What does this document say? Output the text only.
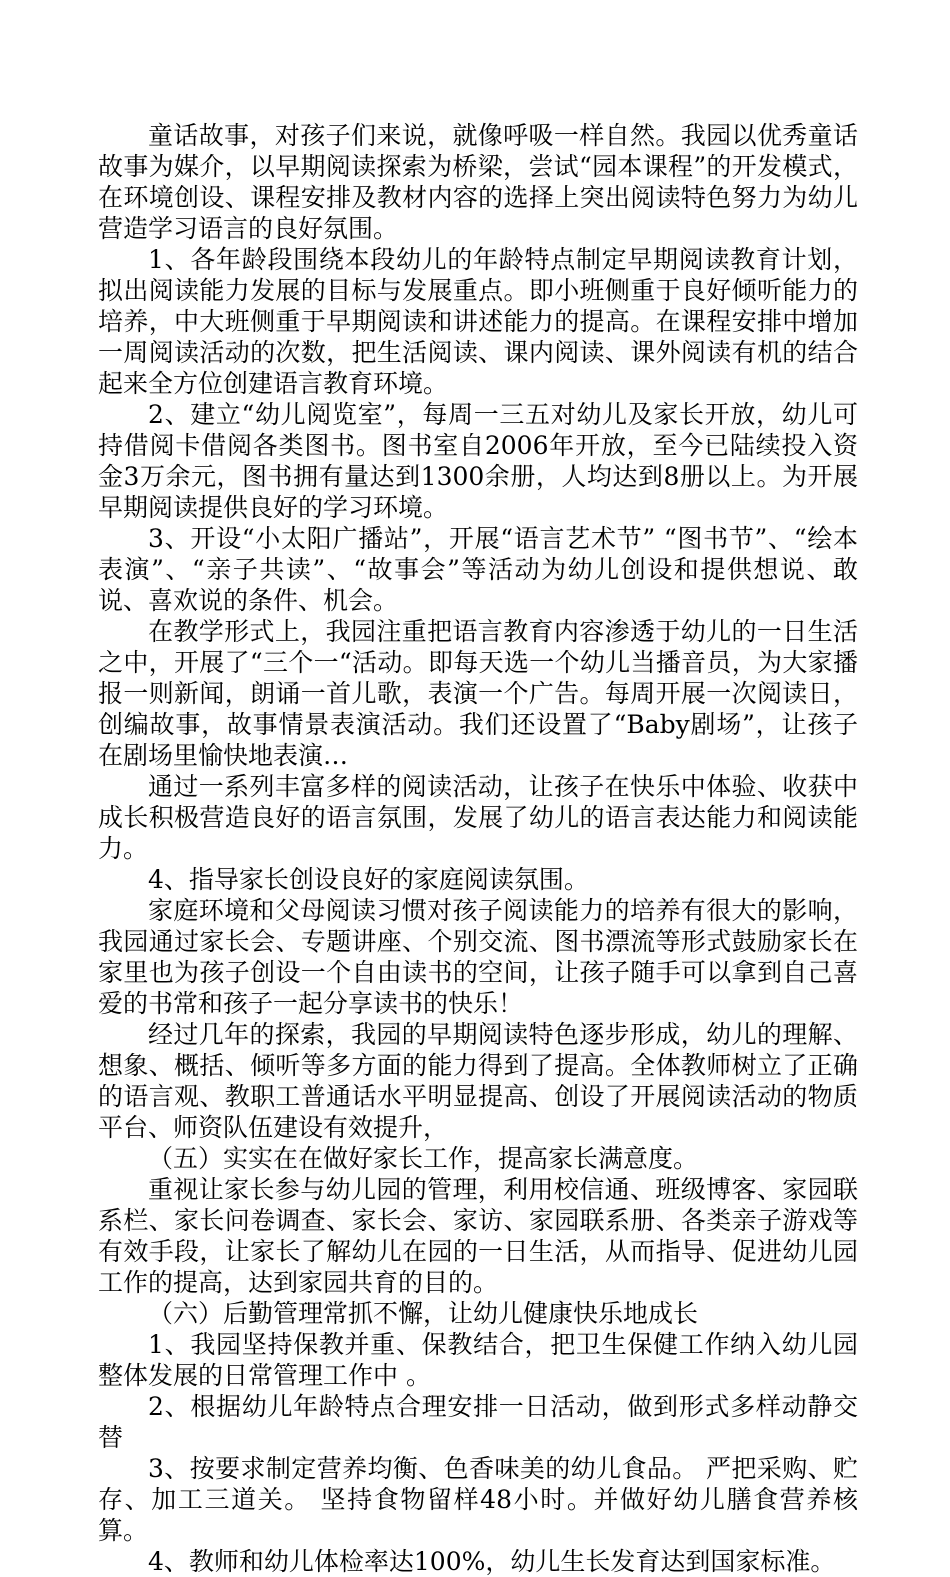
童话故事，对孩子们来说，就像呼吸一样自然。我园以优秀童话故事为媒介，以早期阅读探索为桥梁，尝试“园本课程”的开发模式， 在环境创设、课程安排及教材内容的选择上突出阅读特色努力为幼儿营造学习语言的良好氛围。

1、各年龄段围绕本段幼儿的年龄特点制定早期阅读教育计划，拟出阅读能力发展的目标与发展重点。即小班侧重于良好倾听能力的培养，中大班侧重于早期阅读和讲述能力的提高。在课程安排中增加一周阅读活动的次数，把生活阅读、课内阅读、课外阅读有机的结合起来全方位创建语言教育环境。

2、建立“幼儿阅览室”，每周一三五对幼儿及家长开放，幼儿可持借阅卡借阅各类图书。图书室自2006年开放，至今已陆续投入资金3万余元，图书拥有量达到1300余册，人均达到8册以上。为开展早期阅读提供良好的学习环境。

3、开设“小太阳广播站”，开展“语言艺术节” “图书节”、“绘本表演”、“亲子共读”、“故事会”等活动为幼儿创设和提供想说、敢说、喜欢说的条件、机会。

在教学形式上，我园注重把语言教育内容渗透于幼儿的一日生活之中，开展了“三个一“活动。即每天选一个幼儿当播音员，为大家播报一则新闻，朗诵一首儿歌，表演一个广告。每周开展一次阅读日，创编故事，故事情景表演活动。我们还设置了“Baby剧场”，让孩子在剧场里愉快地表演…

通过一系列丰富多样的阅读活动，让孩子在快乐中体验、收获中成长积极营造良好的语言氛围，发展了幼儿的语言表达能力和阅读能力。

4、指导家长创设良好的家庭阅读氛围。

家庭环境和父母阅读习惯对孩子阅读能力的培养有很大的影响，我园通过家长会、专题讲座、个别交流、图书漂流等形式鼓励家长在家里也为孩子创设一个自由读书的空间，让孩子随手可以拿到自己喜爱的书常和孩子一起分享读书的快乐！

经过几年的探索，我园的早期阅读特色逐步形成，幼儿的理解、想象、概括、倾听等多方面的能力得到了提高。全体教师树立了正确的语言观、教职工普通话水平明显提高、创设了开展阅读活动的物质平台、师资队伍建设有效提升，

（五）实实在在做好家长工作，提高家长满意度。

重视让家长参与幼儿园的管理，利用校信通、班级博客、家园联系栏、家长问卷调查、家长会、家访、家园联系册、各类亲子游戏等有效手段，让家长了解幼儿在园的一日生活，从而指导、促进幼儿园工作的提高，达到家园共育的目的。

（六）后勤管理常抓不懈，让幼儿健康快乐地成长

1、我园坚持保教并重、保教结合，把卫生保健工作纳入幼儿园整体发展的日常管理工作中 。

2、根据幼儿年龄特点合理安排一日活动，做到形式多样动静交替

3、按要求制定营养均衡、色香味美的幼儿食品。 严把采购、贮存、加工三道关。 坚持食物留样48小时。并做好幼儿膳食营养核算。

4、教师和幼儿体检率达100%，幼儿生长发育达到国家标准。
